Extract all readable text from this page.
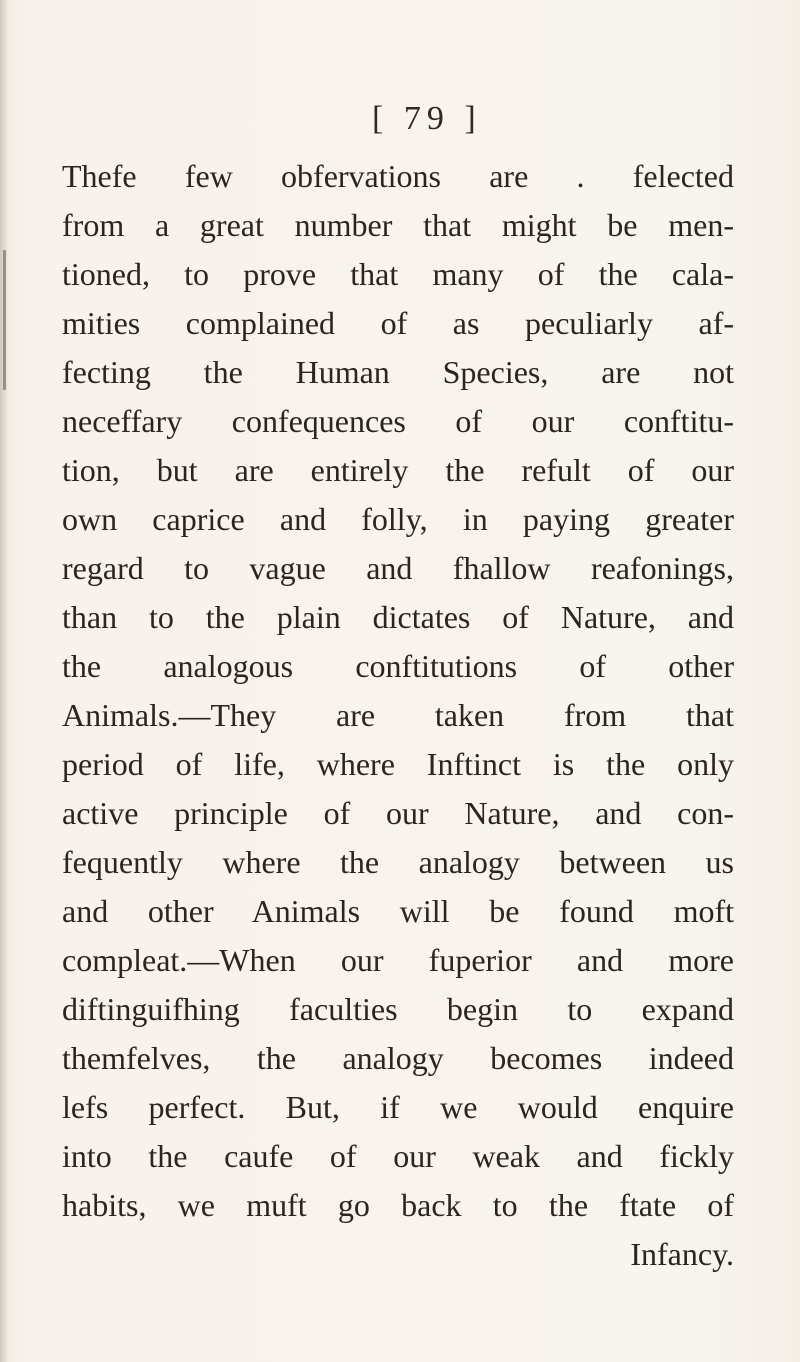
[ 79 ]
Thefe few obfervations are . felected
from a great number that might be men-
tioned, to prove that many of the cala-
mities complained of as peculiarly af-
fecting the Human Species, are not
neceffary confequences of our conftitu-
tion, but are entirely the refult of our
own caprice and folly, in paying greater
regard to vague and fhallow reafonings,
than to the plain dictates of Nature, and
the analogous conftitutions of other
Animals.—They are taken from that
period of life, where Inftinct is the only
active principle of our Nature, and con-
fequently where the analogy between us
and other Animals will be found moft
compleat.—When our fuperior and more
diftinguifhing faculties begin to expand
themfelves, the analogy becomes indeed
lefs perfect. But, if we would enquire
into the caufe of our weak and fickly
habits, we muft go back to the ftate of
Infancy.
